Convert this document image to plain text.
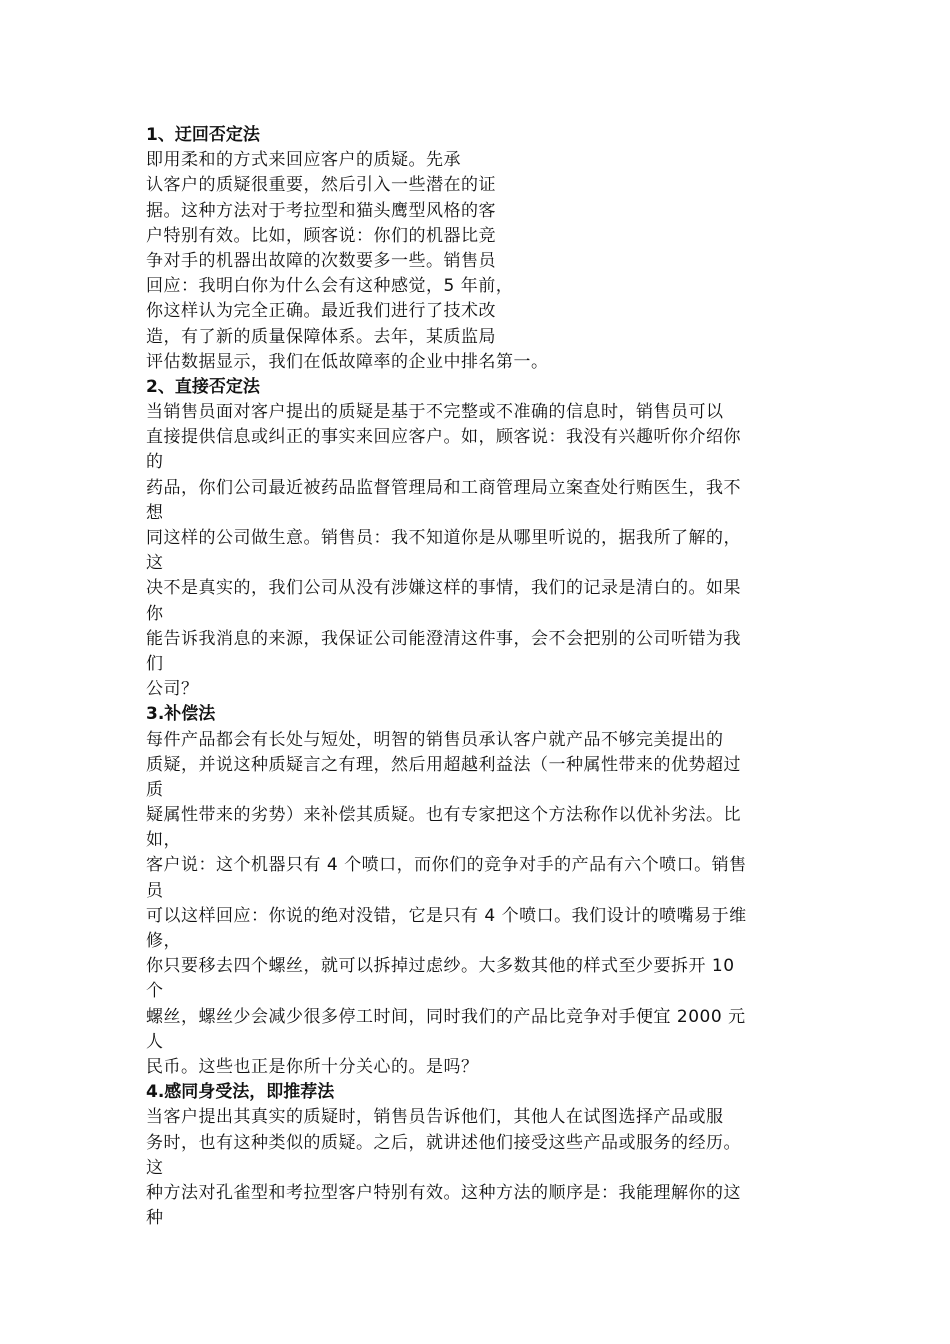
1、迂回否定法
即用柔和的方式来回应客户的质疑。先承
认客户的质疑很重要，然后引入一些潜在的证
据。这种方法对于考拉型和猫头鹰型风格的客
户特别有效。比如，顾客说：你们的机器比竞
争对手的机器出故障的次数要多一些。销售员
回应：我明白你为什么会有这种感觉，5 年前，
你这样认为完全正确。最近我们进行了技术改
造，有了新的质量保障体系。去年，某质监局
评估数据显示，我们在低故障率的企业中排名第一。
2、直接否定法
当销售员面对客户提出的质疑是基于不完整或不准确的信息时，销售员可以
直接提供信息或纠正的事实来回应客户。如，顾客说：我没有兴趣听你介绍你
的
药品，你们公司最近被药品监督管理局和工商管理局立案查处行贿医生，我不
想
同这样的公司做生意。销售员：我不知道你是从哪里听说的，据我所了解的，
这
决不是真实的，我们公司从没有涉嫌这样的事情，我们的记录是清白的。如果
你
能告诉我消息的来源，我保证公司能澄清这件事，会不会把别的公司听错为我
们
公司？
3.补偿法
每件产品都会有长处与短处，明智的销售员承认客户就产品不够完美提出的
质疑，并说这种质疑言之有理，然后用超越利益法（一种属性带来的优势超过
质
疑属性带来的劣势）来补偿其质疑。也有专家把这个方法称作以优补劣法。比
如，
客户说：这个机器只有 4 个喷口，而你们的竞争对手的产品有六个喷口。销售
员
可以这样回应：你说的绝对没错，它是只有 4 个喷口。我们设计的喷嘴易于维
修，
你只要移去四个螺丝，就可以拆掉过虑纱。大多数其他的样式至少要拆开 10
个
螺丝，螺丝少会减少很多停工时间，同时我们的产品比竞争对手便宜 2000 元
人
民币。这些也正是你所十分关心的。是吗？
4.感同身受法，即推荐法
当客户提出其真实的质疑时，销售员告诉他们，其他人在试图选择产品或服
务时，也有这种类似的质疑。之后，就讲述他们接受这些产品或服务的经历。
这
种方法对孔雀型和考拉型客户特别有效。这种方法的顺序是：我能理解你的这
种
